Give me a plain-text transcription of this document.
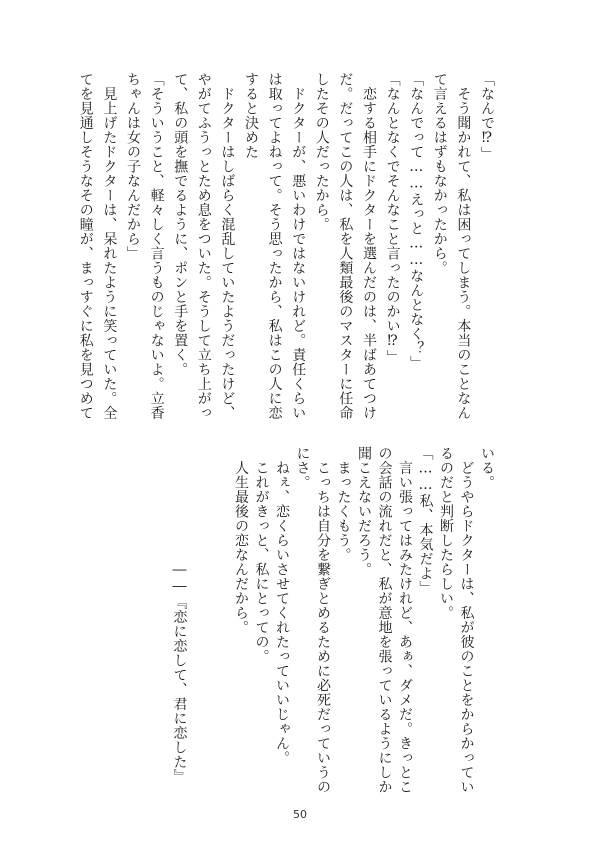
「なんで⁉」
　そう聞かれて、私は困ってしまう。本当のことなん
て言えるはずもなかったから。
「なんでって……えっと……なんとなく？」
「なんとなくでそんなこと言ったのかい⁉」
　恋する相手にドクターを選んだのは、半ばあてつけ
だ。だってこの人は、私を人類最後のマスターに任命
したその人だったから。
　ドクターが、悪いわけではないけれど。責任くらい
は取ってよねって。そう思ったから、私はこの人に恋
すると決めた
　ドクターはしばらく混乱していたようだったけど、
やがてふうっとため息をついた。そうして立ち上がっ
て、私の頭を撫でるように、ポンと手を置く。
「そういうこと、軽々しく言うものじゃないよ。立香
ちゃんは女の子なんだから」
　見上げたドクターは、呆れたように笑っていた。全
てを見通しそうなその瞳が、まっすぐに私を見つめて
いる。
　どうやらドクターは、私が彼のことをからかってい
るのだと判断したらしい。
「……私、本気だよ」
　言い張ってはみたけれど、あぁ、ダメだ。きっとこ
の会話の流れだと、私が意地を張っているようにしか
聞こえないだろう。
　まったくもう。
　こっちは自分を繋ぎとめるために必死だっていうの
にさ。
　ねぇ、恋くらいさせてくれたっていいじゃん。
　これがきっと、私にとっての。
　人生最後の恋なんだから。
　　　　　　　　――『恋に恋して、君に恋した』
50
